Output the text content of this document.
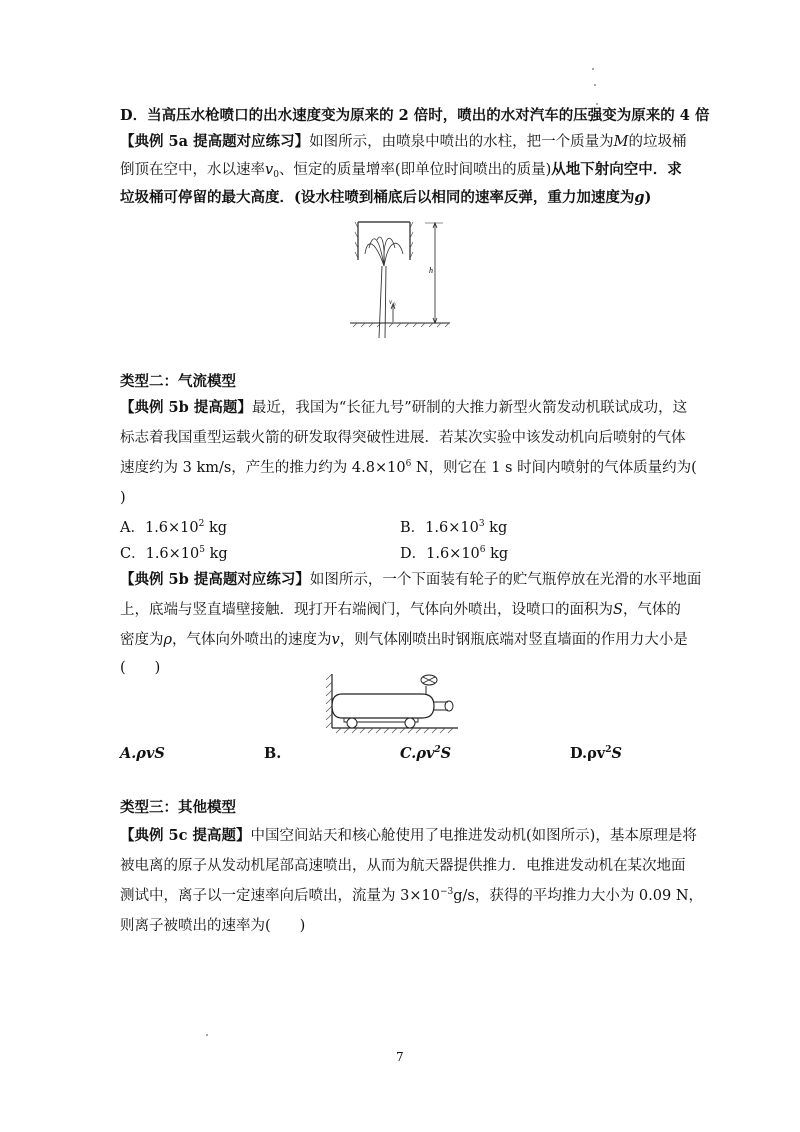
D．当高压水枪喷口的出水速度变为原来的 2 倍时，喷出的水对汽车的压强变为原来的 4 倍
【典例 5a 提高题对应练习】如图所示，由喷泉中喷出的水柱，把一个质量为M的垃圾桶
倒顶在空中，水以速率$v_0$、恒定的质量增率(即单位时间喷出的质量)从地下射向空中．求
垃圾桶可停留的最大高度．(设水柱喷到桶底后以相同的速率反弹，重力加速度为g)
v 0
h
类型二：气流模型
【典例 5b 提高题】最近，我国为“长征九号”研制的大推力新型火箭发动机联试成功，这
标志着我国重型运载火箭的研发取得突破性进展．若某次实验中该发动机向后喷射的气体
速度约为 3 km/s，产生的推力约为 $4.8\times 10^6$ N，则它在 1 s 时间内喷射的气体质量约为(
)
A．$1.6\times 10^2$ kg	B．$1.6\times 10^3$ kg
C．$1.6\times 10^5$ kg	D．$1.6\times 10^6$ kg
【典例 5b 提高题对应练习】如图所示，一个下面装有轮子的贮气瓶停放在光滑的水平地面
上，底端与竖直墙壁接触．现打开右端阀门，气体向外喷出，设喷口的面积为S，气体的
密度为ρ，气体向外喷出的速度为v，则气体刚喷出时钢瓶底端对竖直墙面的作用力大小是
(　　)
A.ρvS	B.	$C.\rho v^2S$	$D.\rho v^2S$
类型三：其他模型
【典例 5c 提高题】中国空间站天和核心舱使用了电推进发动机(如图所示)，基本原理是将
被电离的原子从发动机尾部高速喷出，从而为航天器提供推力．电推进发动机在某次地面
测试中，离子以一定速率向后喷出，流量为 $3\times 10^{-3}g/s$，获得的平均推力大小为 0.09 N，
则离子被喷出的速率为(　　)
7
